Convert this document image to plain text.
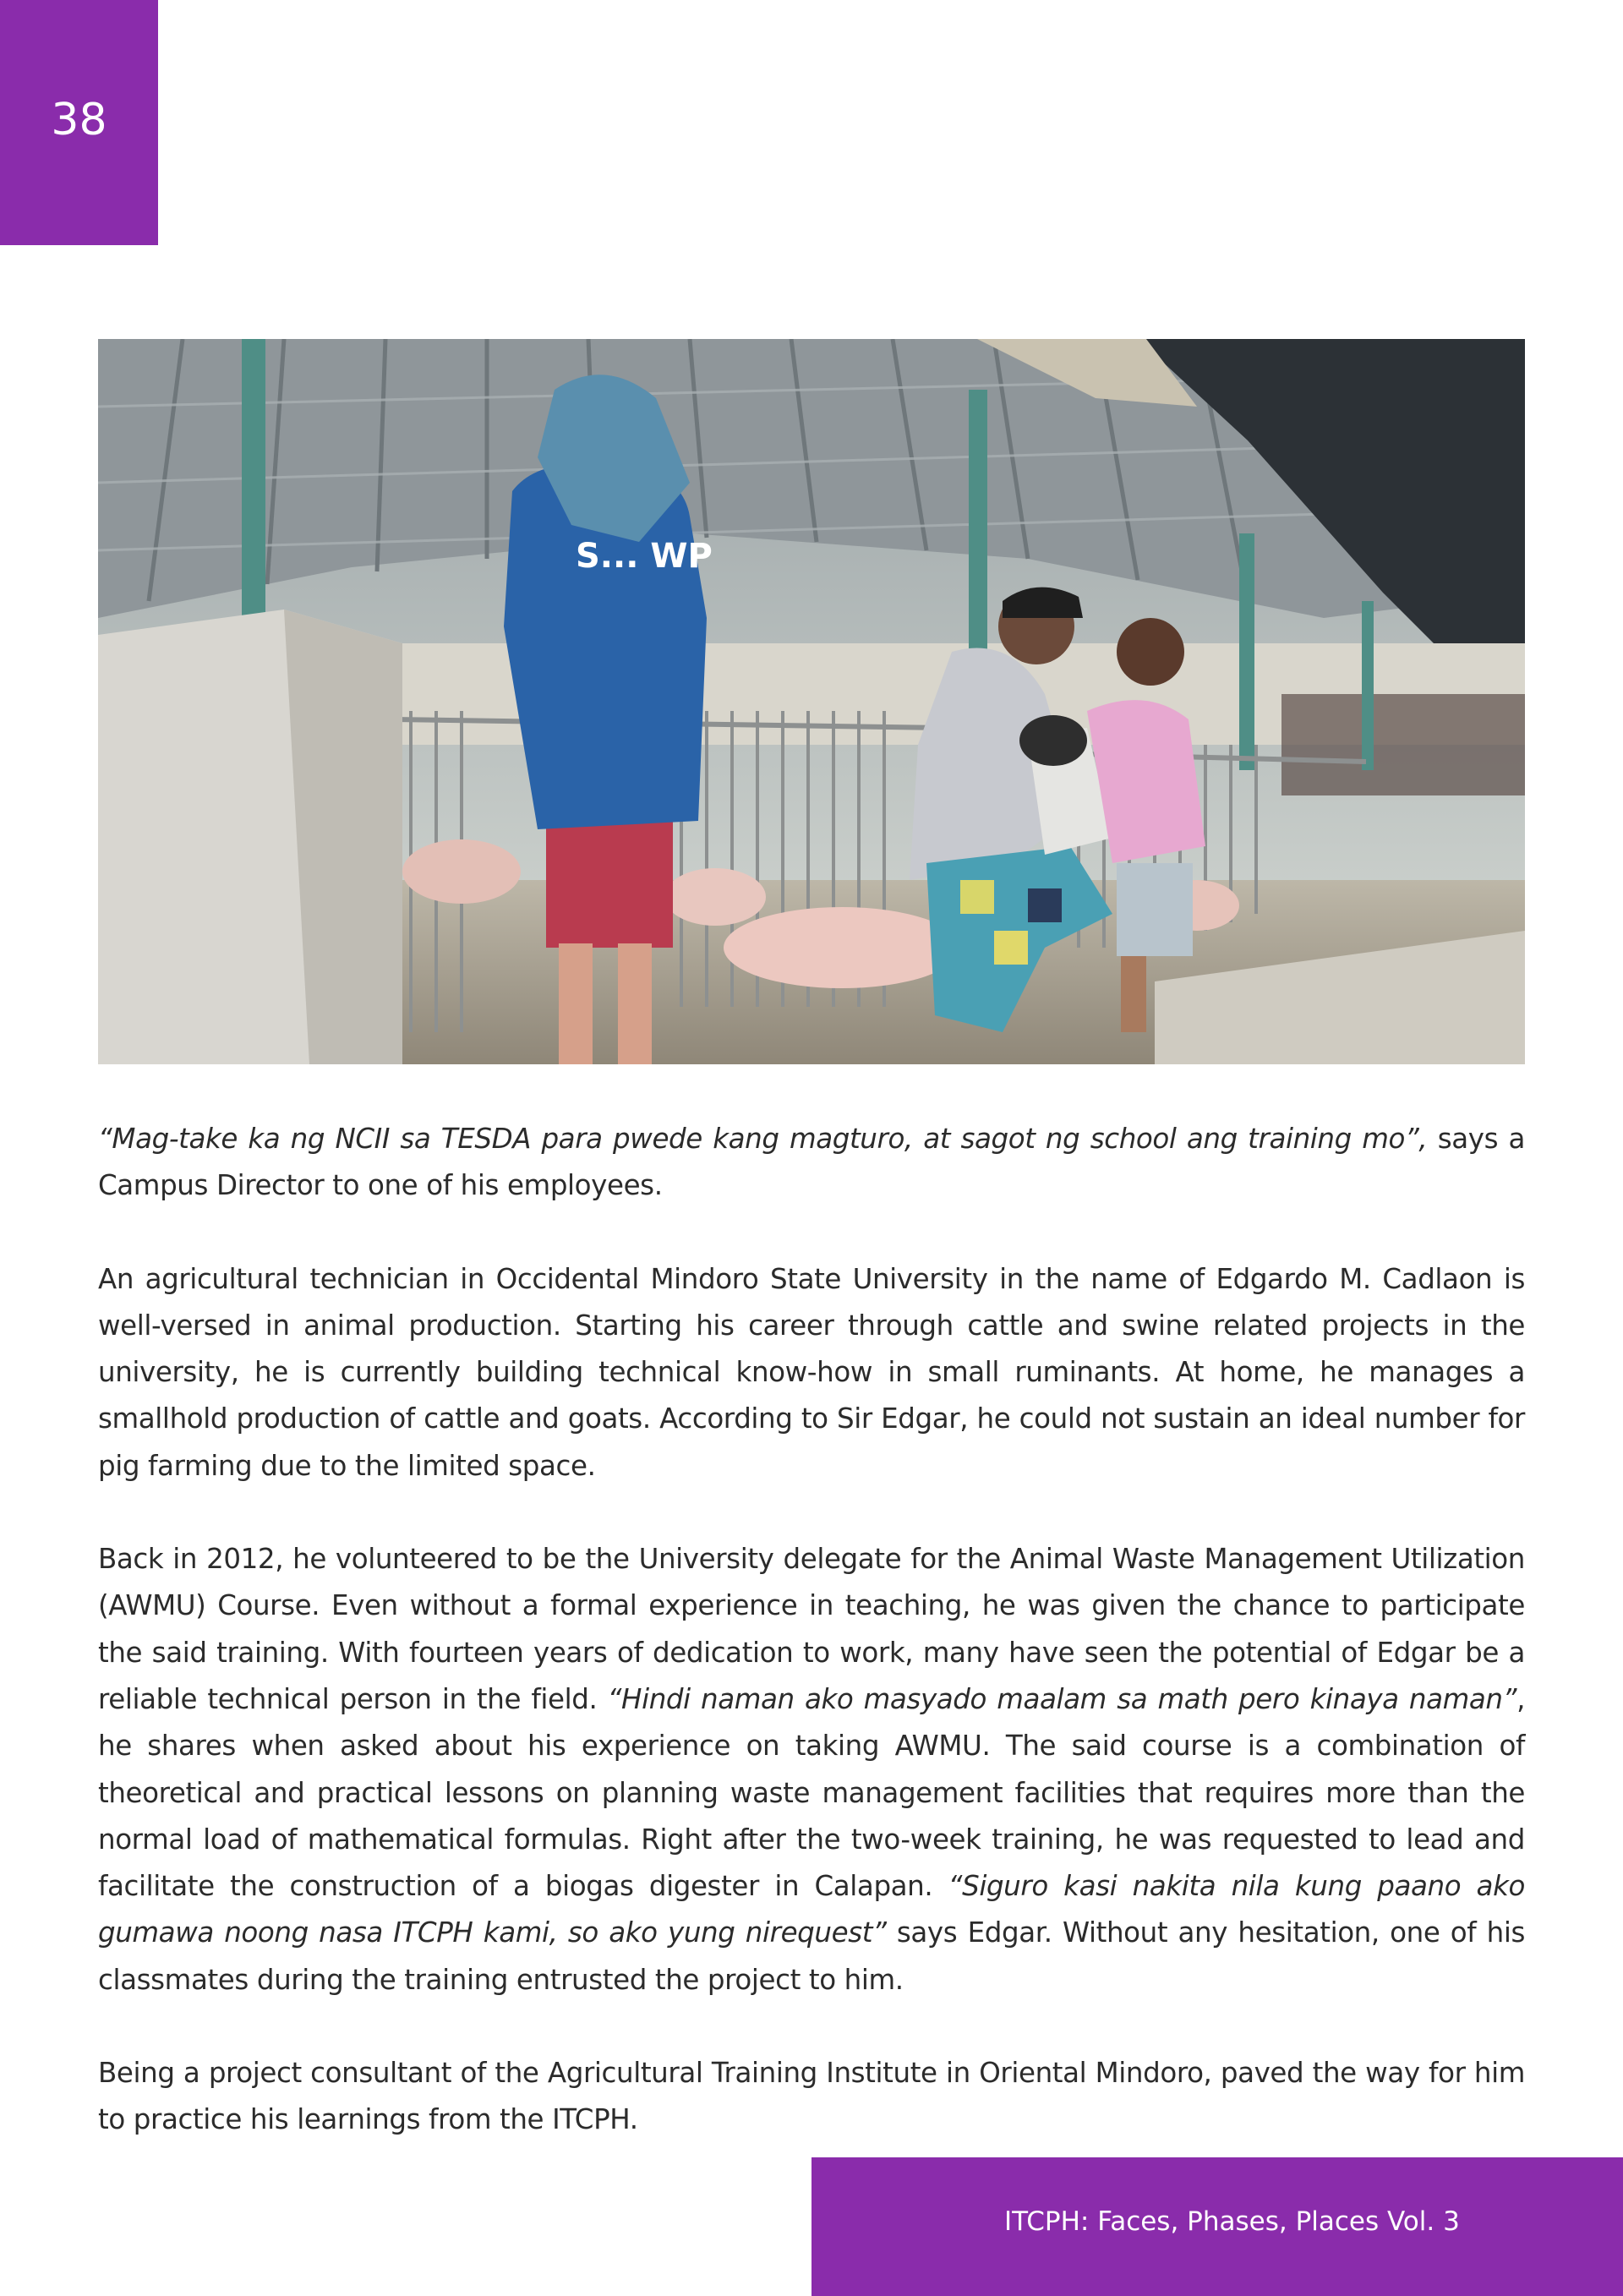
38
S... WP

“Mag-take ka ng NCII sa TESDA para pwede kang magturo, at sagot ng school ang training mo”, says a Campus Director to one of his employees.

An agricultural technician in Occidental Mindoro State University in the name of Edgardo M. Cadlaon is well-versed in animal production. Starting his career through cattle and swine related projects in the university, he is currently building technical know-how in small ruminants. At home, he manages a smallhold production of cattle and goats. According to Sir Edgar, he could not sustain an ideal number for pig farming due to the limited space.

Back in 2012, he volunteered to be the University delegate for the Animal Waste Management Utilization (AWMU) Course. Even without a formal experience in teaching, he was given the chance to participate the said training. With fourteen years of dedication to work, many have seen the potential of Edgar be a reliable technical person in the field. “Hindi naman ako masyado maalam sa math pero kinaya naman”, he shares when asked about his experience on taking AWMU. The said course is a combination of theoretical and practical lessons on planning waste management facilities that requires more than the normal load of mathematical formulas. Right after the two-week training, he was requested to lead and facilitate the construction of a biogas digester in Calapan. “Siguro kasi nakita nila kung paano ako gumawa noong nasa ITCPH kami, so ako yung nirequest” says Edgar. Without any hesitation, one of his classmates during the training entrusted the project to him.

Being a project consultant of the Agricultural Training Institute in Oriental Mindoro, paved the way for him to practice his learnings from the ITCPH.

ITCPH: Faces, Phases, Places Vol. 3
